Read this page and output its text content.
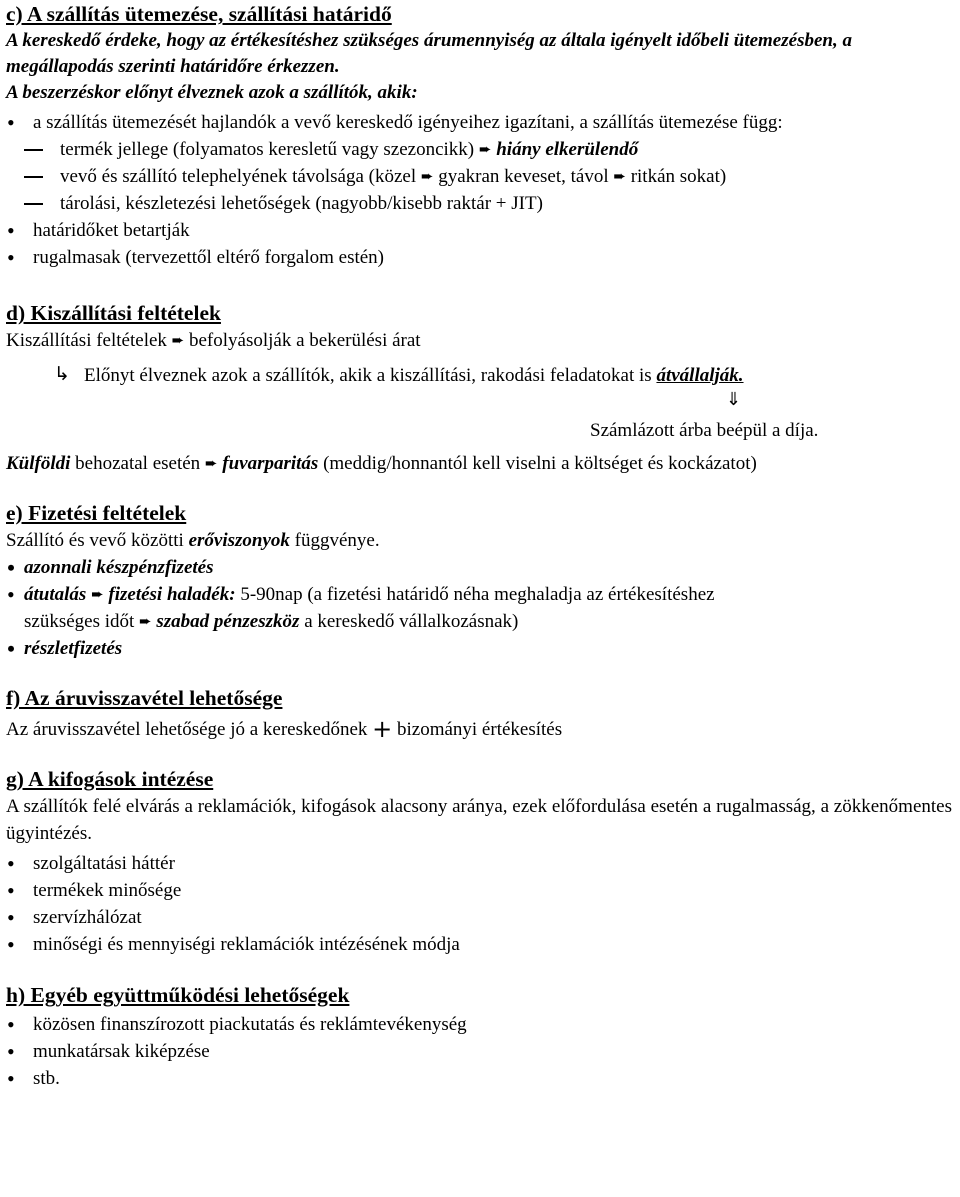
c) A szállítás ütemezése, szállítási határidő

A kereskedő érdeke, hogy az értékesítéshez szükséges árumennyiség az általa igényelt időbeli ütemezésben, a megállapodás szerinti határidőre érkezzen.
A beszerzéskor előnyt élveznek azok a szállítók, akik:

• a szállítás ütemezését hajlandók a vevő kereskedő igényeihez igazítani, a szállítás ütemezése függ:

termék jellege (folyamatos keresletű vagy szezoncikk) ➨ hiány elkerülendő

vevő és szállító telephelyének távolsága (közel ➨ gyakran keveset, távol ➨ ritkán sokat)

tárolási, készletezési lehetőségek (nagyobb/kisebb raktár + JIT)

• határidőket betartják

• rugalmasak (tervezettől eltérő forgalom estén)

d) Kiszállítási feltételek

Kiszállítási feltételek ➨ befolyásolják a bekerülési árat

↳ Előnyt élveznek azok a szállítók, akik a kiszállítási, rakodási feladatokat is átvállalják.

⇓

Számlázott árba beépül a díja.

Külföldi behozatal esetén ➨ fuvarparitás (meddig/honnantól kell viselni a költséget és kockázatot)

e) Fizetési feltételek

Szállító és vevő közötti erőviszonyok függvénye.

• azonnali készpénzfizetés

• átutalás ➨ fizetési haladék: 5-90nap (a fizetési határidő néha meghaladja az értékesítéshez
szükséges időt ➨ szabad pénzeszköz a kereskedő vállalkozásnak)

• részletfizetés

f) Az áruvisszavétel lehetősége

Az áruvisszavétel lehetősége jó a kereskedőnek + bizományi értékesítés

g) A kifogások intézése

A szállítók felé elvárás a reklamációk, kifogások alacsony aránya, ezek előfordulása esetén a rugalmasság, a zökkenőmentes ügyintézés.

• szolgáltatási háttér

• termékek minősége

• szervízhálózat

• minőségi és mennyiségi reklamációk intézésének módja

h) Egyéb együttműködési lehetőségek

• közösen finanszírozott piackutatás és reklámtevékenység

• munkatársak kiképzése

• stb.
